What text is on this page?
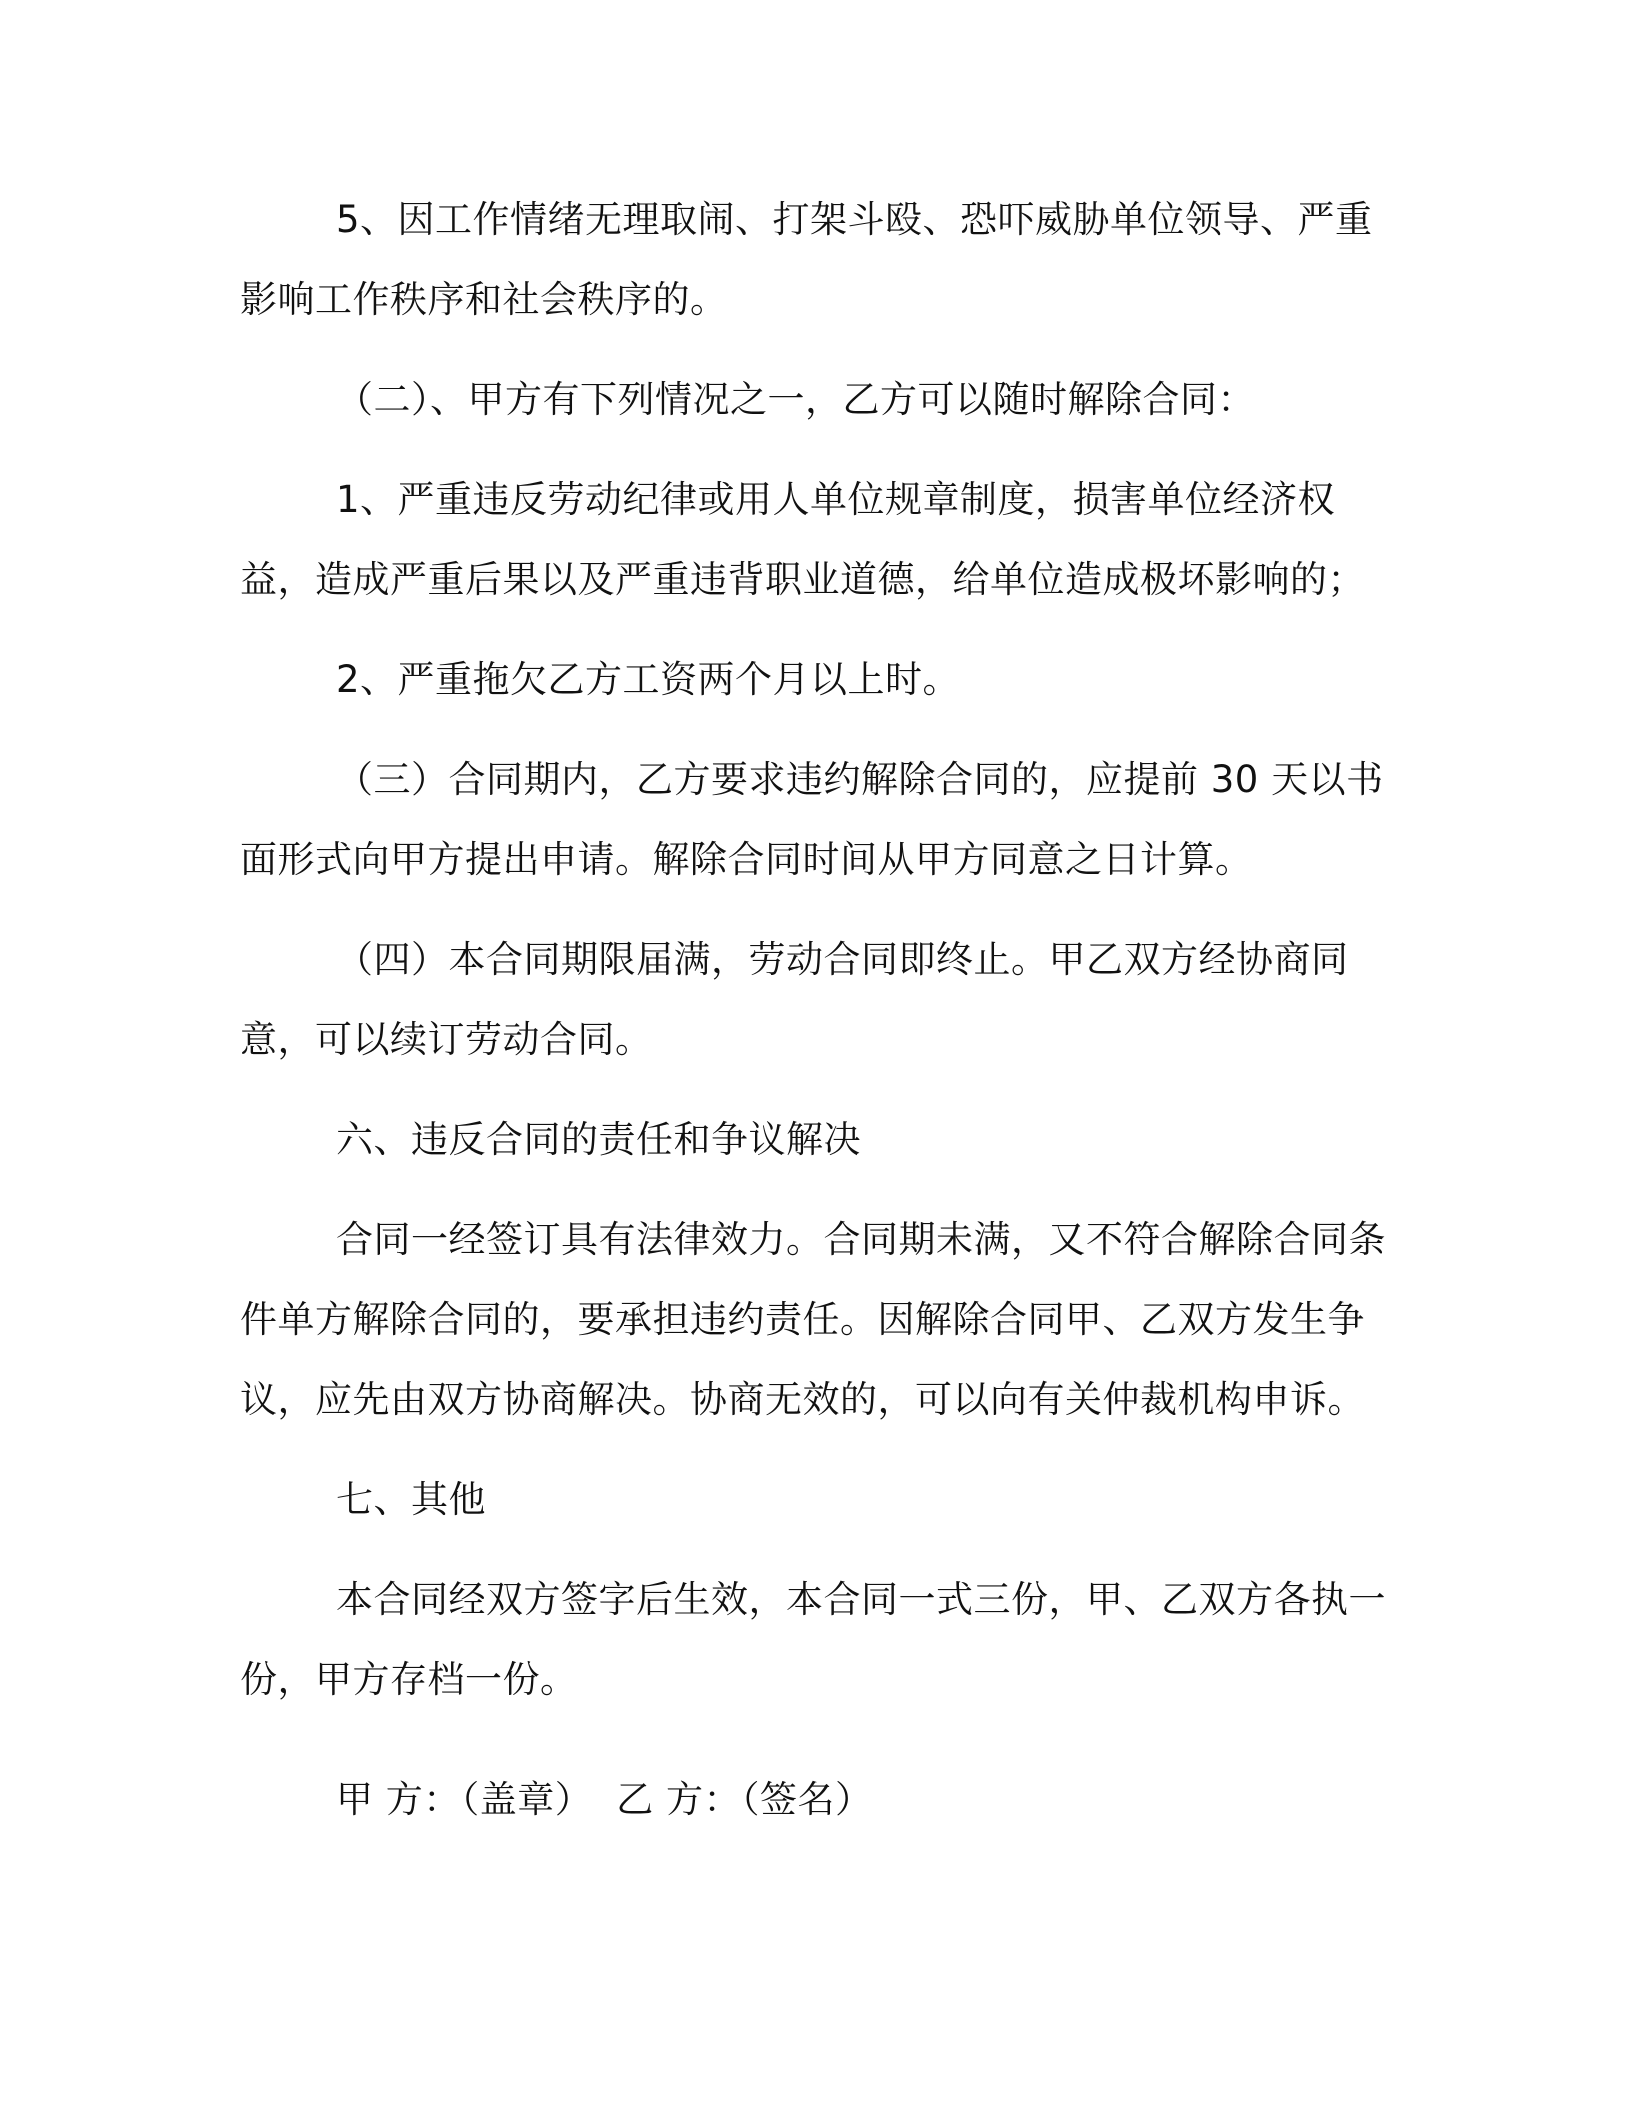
5、因工作情绪无理取闹、打架斗殴、恐吓威胁单位领导、严重影响工作秩序和社会秩序的。

（二）、甲方有下列情况之一，乙方可以随时解除合同：

1、严重违反劳动纪律或用人单位规章制度，损害单位经济权益，造成严重后果以及严重违背职业道德，给单位造成极坏影响的；

2、严重拖欠乙方工资两个月以上时。

（三）合同期内，乙方要求违约解除合同的，应提前 30 天以书面形式向甲方提出申请。解除合同时间从甲方同意之日计算。

（四）本合同期限届满，劳动合同即终止。甲乙双方经协商同意，可以续订劳动合同。

六、违反合同的责任和争议解决

合同一经签订具有法律效力。合同期未满，又不符合解除合同条件单方解除合同的，要承担违约责任。因解除合同甲、乙双方发生争议，应先由双方协商解决。协商无效的，可以向有关仲裁机构申诉。

七、其他

本合同经双方签字后生效，本合同一式三份，甲、乙双方各执一份，甲方存档一份。

甲 方：（盖章） 乙 方：（签名）
